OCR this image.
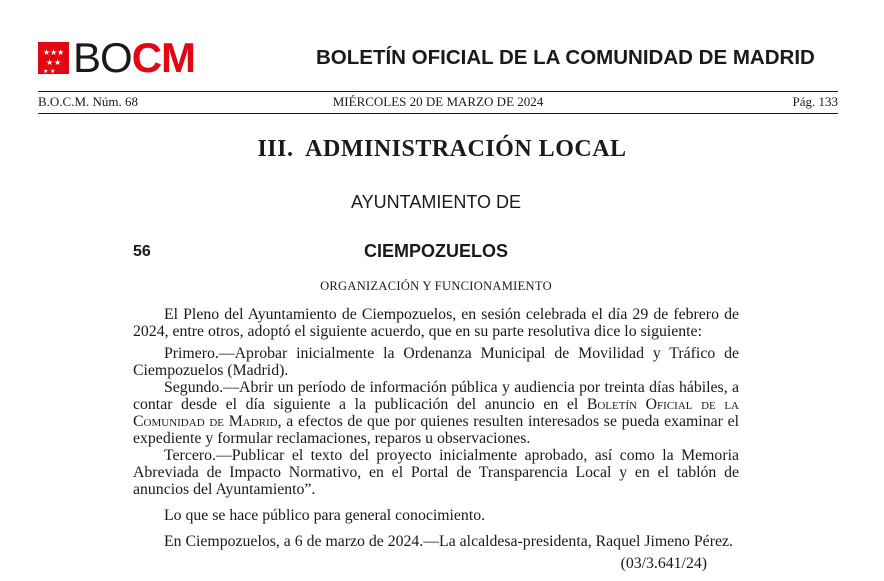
★ ★ ★
★ ★
★
★ BOCM	BOLETÍN OFICIAL DE LA COMUNIDAD DE MADRID
MIÉRCOLES 20 DE MARZO DE 2024
B.O.C.M. Núm. 68	Pág. 133
III.  ADMINISTRACIÓN LOCAL
AYUNTAMIENTO DE
56	CIEMPOZUELOS
ORGANIZACIÓN Y FUNCIONAMIENTO

El Pleno del Ayuntamiento de Ciempozuelos, en sesión celebrada el día 29 de febrero de 2024, entre otros, adoptó el siguiente acuerdo, que en su parte resolutiva dice lo siguiente:

Primero.—Aprobar inicialmente la Ordenanza Municipal de Movilidad y Tráfico de Ciempozuelos (Madrid).

Segundo.—Abrir un período de información pública y audiencia por treinta días hábiles, a contar desde el día siguiente a la publicación del anuncio en el Boletín Oficial de la Comunidad de Madrid, a efectos de que por quienes resulten interesados se pueda examinar el expediente y formular reclamaciones, reparos u observaciones.

Tercero.—Publicar el texto del proyecto inicialmente aprobado, así como la Memoria Abreviada de Impacto Normativo, en el Portal de Transparencia Local y en el tablón de anuncios del Ayuntamiento”.

Lo que se hace público para general conocimiento.

En Ciempozuelos, a 6 de marzo de 2024.—La alcaldesa-presidenta, Raquel Jimeno Pérez.

(03/3.641/24)
